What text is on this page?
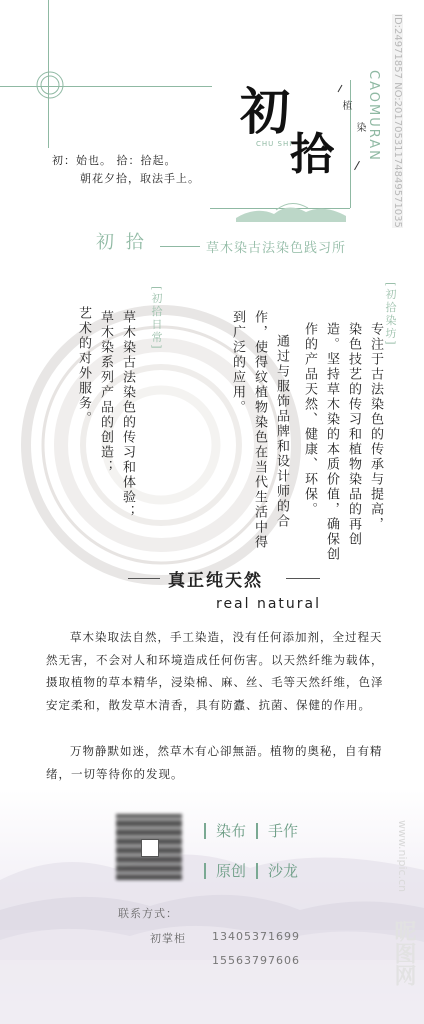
初
拾
植
染
CHU SHI	CAOMURAN
初：始也。 拾：拾起。
朝花夕拾，取法手上。
初 拾	草木染古法染色践习所
[初拾日常]	[初拾染坊]
专注于古法染色的传承与提高，
染色技艺的传习和植物染品的再创
造。坚持草木染的本质价值，确保创
作的产品天然、健康、环保。
通过与服饰品牌和设计师的合
作，使得纹植物染色在当代生活中得
到广泛的应用。
草木染古法染色的传习和体验；
草木染系列产品的创造；
艺术的对外服务。
真正纯天然
real natural
草木染取法自然，手工染造，没有任何添加剂，全过程天然无害，不会对人和环境造成任何伤害。以天然纤维为载体，摄取植物的草本精华，浸染棉、麻、丝、毛等天然纤维，色泽安定柔和，散发草木清香，具有防蠹、抗菌、保健的作用。
万物静默如迷，然草木有心卻無語。植物的奥秘，自有精绪，一切等待你的发现。
染布 手作
原创 沙龙
联系方式：
初掌柜 13405371699
15563797606
ID:24971857 NO:20170531174849571035
www.nipic.cn
昵图网
